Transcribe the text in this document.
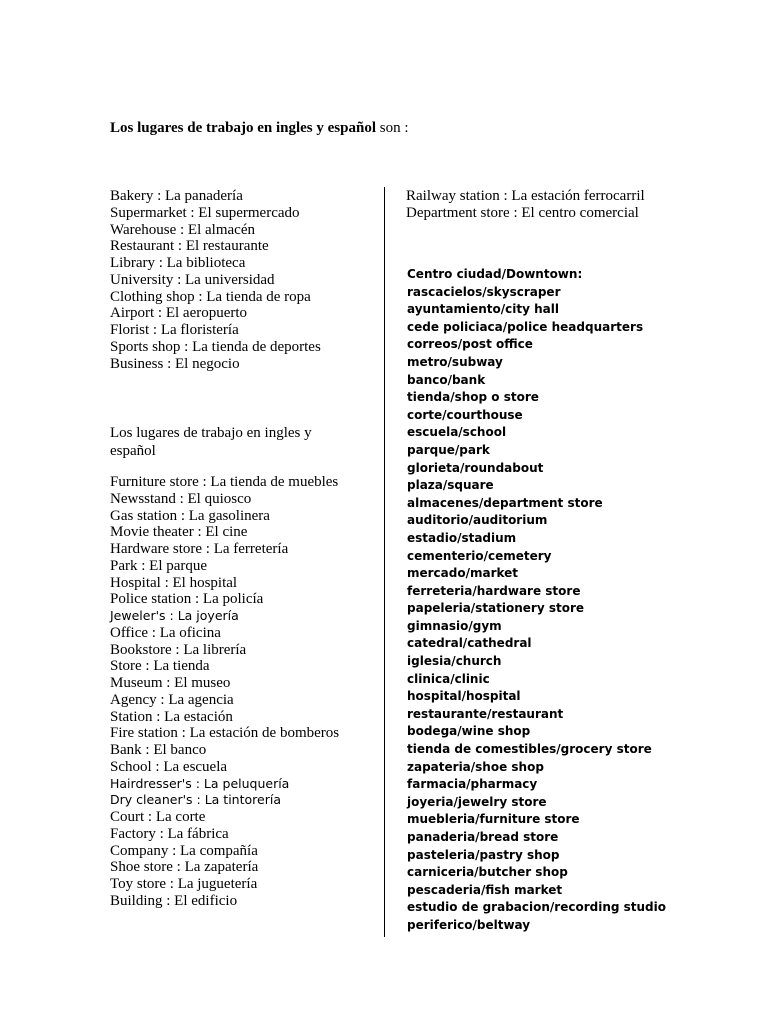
Los lugares de trabajo en ingles y español son :
Bakery : La panadería
Supermarket : El supermercado
Warehouse : El almacén
Restaurant : El restaurante
Library : La biblioteca
University : La universidad
Clothing shop : La tienda de ropa
Airport : El aeropuerto
Florist : La floristería
Sports shop : La tienda de deportes
Business : El negocio
Los lugares de trabajo en ingles y español
Furniture store : La tienda de muebles
Newsstand : El quiosco
Gas station : La gasolinera
Movie theater : El cine
Hardware store : La ferretería
Park : El parque
Hospital : El hospital
Police station : La policía
Jeweler's : La joyería
Office : La oficina
Bookstore : La librería
Store : La tienda
Museum : El museo
Agency : La agencia
Station : La estación
Fire station : La estación de bomberos
Bank : El banco
School : La escuela
Hairdresser's : La peluquería
Dry cleaner's : La tintorería
Court : La corte
Factory : La fábrica
Company : La compañía
Shoe store : La zapatería
Toy store : La juguetería
Building : El edificio
Railway station : La estación ferrocarril
Department store : El centro comercial
Centro ciudad/Downtown:
rascacielos/skyscraper
ayuntamiento/city hall
cede policiaca/police headquarters
correos/post office
metro/subway
banco/bank
tienda/shop o store
corte/courthouse
escuela/school
parque/park
glorieta/roundabout
plaza/square
almacenes/department store
auditorio/auditorium
estadio/stadium
cementerio/cemetery
mercado/market
ferreteria/hardware store
papeleria/stationery store
gimnasio/gym
catedral/cathedral
iglesia/church
clinica/clinic
hospital/hospital
restaurante/restaurant
bodega/wine shop
tienda de comestibles/grocery store
zapateria/shoe shop
farmacia/pharmacy
joyeria/jewelry store
muebleria/furniture store
panaderia/bread store
pasteleria/pastry shop
carniceria/butcher shop
pescaderia/fish market
estudio de grabacion/recording studio
periferico/beltway
